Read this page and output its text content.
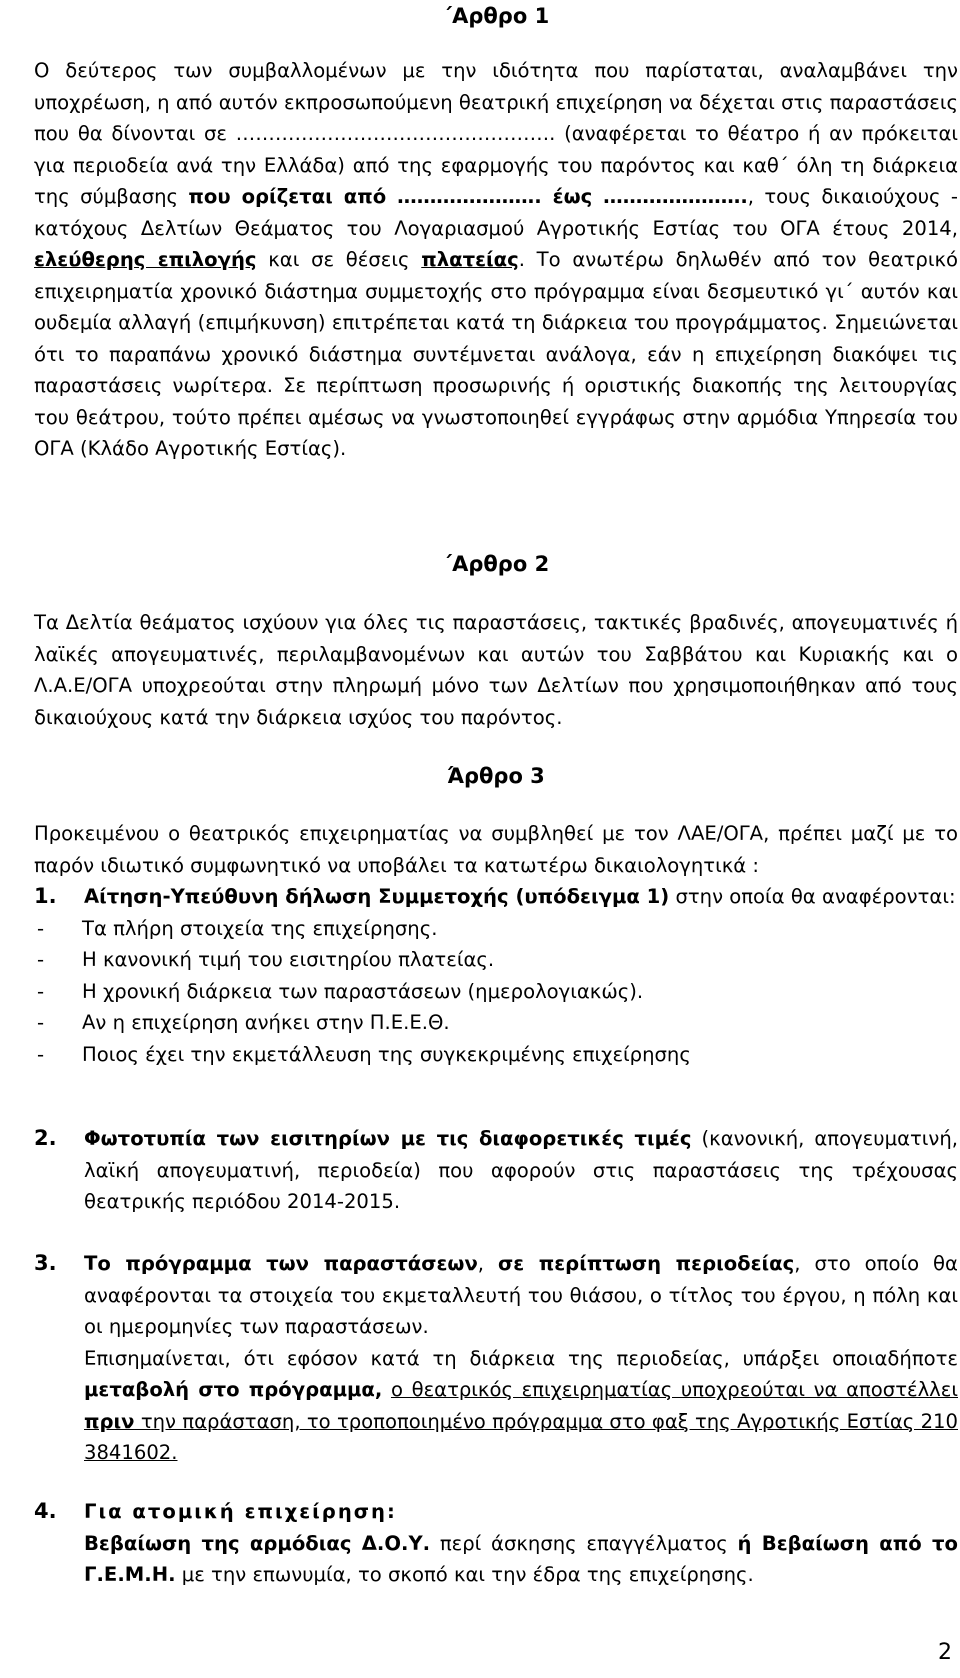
΄Αρθρο 1

Ο δεύτερος των συμβαλλομένων με την ιδιότητα που παρίσταται, αναλαμβάνει την υποχρέωση, η από αυτόν εκπροσωπούμενη θεατρική επιχείρηση να δέχεται στις παραστάσεις που θα δίνονται σε …………………………………………. (αναφέρεται το θέατρο ή αν πρόκειται για περιοδεία ανά την Ελλάδα) από της εφαρμογής του παρόντος και καθ΄ όλη τη διάρκεια της σύμβασης που ορίζεται από …………………. έως …………………., τους δικαιούχους - κατόχους Δελτίων Θεάματος του Λογαριασμού Αγροτικής Εστίας του ΟΓΑ έτους 2014, ελεύθερης επιλογής και σε θέσεις πλατείας. Το ανωτέρω δηλωθέν από τον θεατρικό επιχειρηματία χρονικό διάστημα συμμετοχής στο πρόγραμμα είναι δεσμευτικό γι΄ αυτόν και ουδεμία αλλαγή (επιμήκυνση) επιτρέπεται κατά τη διάρκεια του προγράμματος. Σημειώνεται ότι το παραπάνω χρονικό διάστημα συντέμνεται ανάλογα, εάν η επιχείρηση διακόψει τις παραστάσεις νωρίτερα. Σε περίπτωση προσωρινής ή οριστικής διακοπής της λειτουργίας του θεάτρου, τούτο πρέπει αμέσως να γνωστοποιηθεί εγγράφως στην αρμόδια Υπηρεσία του ΟΓΑ (Κλάδο Αγροτικής Εστίας).

΄Αρθρο 2

Τα Δελτία θεάματος ισχύουν για όλες τις παραστάσεις, τακτικές βραδινές, απογευματινές ή λαϊκές απογευματινές, περιλαμβανομένων και αυτών του Σαββάτου και Κυριακής και ο Λ.Α.Ε/ΟΓΑ υποχρεούται στην πληρωμή μόνο των Δελτίων που χρησιμοποιήθηκαν από τους δικαιούχους κατά την διάρκεια ισχύος του παρόντος.

Άρθρο 3

Προκειμένου ο θεατρικός επιχειρηματίας να συμβληθεί με τον ΛΑΕ/ΟΓΑ, πρέπει μαζί με το παρόν ιδιωτικό συμφωνητικό να υποβάλει τα κατωτέρω δικαιολογητικά :

1.	Αίτηση-Υπεύθυνη δήλωση Συμμετοχής (υπόδειγμα 1) στην οποία θα αναφέρονται:
-	Τα πλήρη στοιχεία της επιχείρησης.
-	Η κανονική τιμή του εισιτηρίου πλατείας.
-	Η χρονική διάρκεια των παραστάσεων (ημερολογιακώς).
-	Αν η επιχείρηση ανήκει στην Π.Ε.Ε.Θ.
-	Ποιος έχει την εκμετάλλευση της συγκεκριμένης επιχείρησης
2.	Φωτοτυπία των εισιτηρίων με τις διαφορετικές τιμές (κανονική, απογευματινή, λαϊκή απογευματινή, περιοδεία) που αφορούν στις παραστάσεις της τρέχουσας θεατρικής περιόδου 2014-2015.
3.	Το πρόγραμμα των παραστάσεων, σε περίπτωση περιοδείας, στο οποίο θα αναφέρονται τα στοιχεία του εκμεταλλευτή του θιάσου, ο τίτλος του έργου, η πόλη και οι ημερομηνίες των παραστάσεων.
Επισημαίνεται, ότι εφόσον κατά τη διάρκεια της περιοδείας, υπάρξει οποιαδήποτε μεταβολή στο πρόγραμμα, ο θεατρικός επιχειρηματίας υποχρεούται να αποστέλλει πριν την παράσταση, το τροποποιημένο πρόγραμμα στο φαξ της Αγροτικής Εστίας 210 3841602.
4.	Για ατομική επιχείρηση:
Βεβαίωση της αρμόδιας Δ.Ο.Υ. περί άσκησης επαγγέλματος ή Βεβαίωση από το Γ.Ε.Μ.Η. με την επωνυμία, το σκοπό και την έδρα της επιχείρησης.
2
